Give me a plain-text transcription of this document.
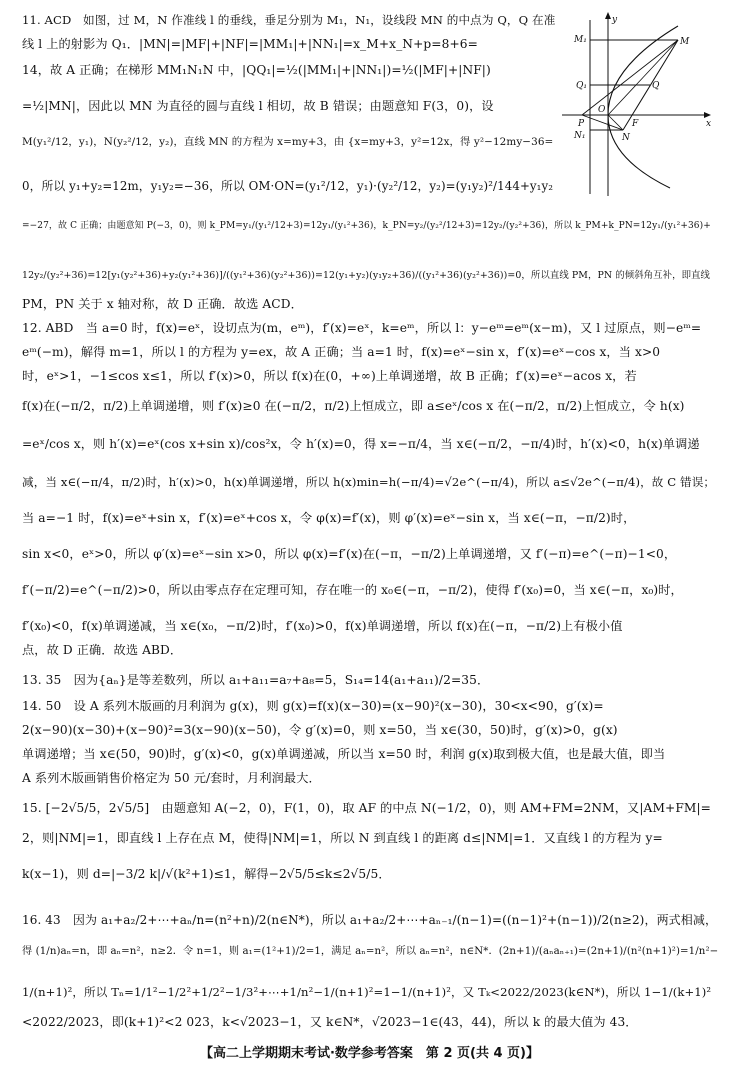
11. ACD　如图，过 M，N 作准线 l 的垂线，垂足分别为 M₁，N₁，设线段 MN 的中点为 Q，Q 在准
线 l 上的射影为 Q₁．|MN|=|MF|+|NF|=|MM₁|+|NN₁|=x_M+x_N+p=8+6=
14，故 A 正确；在梯形 MM₁N₁N 中，|QQ₁|=½(|MM₁|+|NN₁|)=½(|MF|+|NF|)
=½|MN|，因此以 MN 为直径的圆与直线 l 相切，故 B 错误；由题意知 F(3，0)，设
M(y₁²/12，y₁)，N(y₂²/12，y₂)，直线 MN 的方程为 x=my+3，由 {x=my+3，y²=12x，得 y²−12my−36=
0，所以 y₁+y₂=12m，y₁y₂=−36，所以 OM·ON=(y₁²/12，y₁)·(y₂²/12，y₂)=(y₁y₂)²/144+y₁y₂
=−27，故 C 正确；由题意知 P(−3，0)，则 k_PM=y₁/(y₁²/12+3)=12y₁/(y₁²+36)，k_PN=y₂/(y₂²/12+3)=12y₂/(y₂²+36)，所以 k_PM+k_PN=12y₁/(y₁²+36)+
12y₂/(y₂²+36)=12[y₁(y₂²+36)+y₂(y₁²+36)]/((y₁²+36)(y₂²+36))=12(y₁+y₂)(y₁y₂+36)/((y₁²+36)(y₂²+36))=0，所以直线 PM，PN 的倾斜角互补，即直线
PM，PN 关于 x 轴对称，故 D 正确．故选 ACD．
12. ABD　当 a=0 时，f(x)=eˣ，设切点为(m，eᵐ)，f′(x)=eˣ，k=eᵐ，所以 l：y−eᵐ=eᵐ(x−m)，又 l 过原点，则−eᵐ=
eᵐ(−m)，解得 m=1，所以 l 的方程为 y=ex，故 A 正确；当 a=1 时，f(x)=eˣ−sin x，f′(x)=eˣ−cos x，当 x>0
时，eˣ>1，−1≤cos x≤1，所以 f′(x)>0，所以 f(x)在(0，+∞)上单调递增，故 B 正确；f′(x)=eˣ−acos x，若
f(x)在(−π/2，π/2)上单调递增，则 f′(x)≥0 在(−π/2，π/2)上恒成立，即 a≤eˣ/cos x 在(−π/2，π/2)上恒成立，令 h(x)
=eˣ/cos x，则 h′(x)=eˣ(cos x+sin x)/cos²x，令 h′(x)=0，得 x=−π/4，当 x∈(−π/2，−π/4)时，h′(x)<0，h(x)单调递
减，当 x∈(−π/4，π/2)时，h′(x)>0，h(x)单调递增，所以 h(x)min=h(−π/4)=√2e^(−π/4)，所以 a≤√2e^(−π/4)，故 C 错误；
当 a=−1 时，f(x)=eˣ+sin x，f′(x)=eˣ+cos x，令 φ(x)=f′(x)，则 φ′(x)=eˣ−sin x，当 x∈(−π，−π/2)时，
sin x<0，eˣ>0，所以 φ′(x)=eˣ−sin x>0，所以 φ(x)=f′(x)在(−π，−π/2)上单调递增，又 f′(−π)=e^(−π)−1<0，
f′(−π/2)=e^(−π/2)>0，所以由零点存在定理可知，存在唯一的 x₀∈(−π，−π/2)，使得 f′(x₀)=0，当 x∈(−π，x₀)时，
f′(x₀)<0，f(x)单调递减，当 x∈(x₀，−π/2)时，f′(x₀)>0，f(x)单调递增，所以 f(x)在(−π，−π/2)上有极小值
点，故 D 正确．故选 ABD．
13. 35　因为{aₙ}是等差数列，所以 a₁+a₁₁=a₇+a₈=5，S₁₄=14(a₁+a₁₁)/2=35．
14. 50　设 A 系列木版画的月利润为 g(x)，则 g(x)=f(x)(x−30)=(x−90)²(x−30)，30<x<90，g′(x)=
2(x−90)(x−30)+(x−90)²=3(x−90)(x−50)，令 g′(x)=0，则 x=50，当 x∈(30，50)时，g′(x)>0，g(x)
单调递增；当 x∈(50，90)时，g′(x)<0，g(x)单调递减，所以当 x=50 时，利润 g(x)取到极大值，也是最大值，即当
A 系列木版画销售价格定为 50 元/套时，月利润最大．
15. [−2√5/5，2√5/5]　由题意知 A(−2，0)，F(1，0)，取 AF 的中点 N(−1/2，0)，则 AM+FM=2NM，又|AM+FM|=
2，则|NM|=1，即直线 l 上存在点 M，使得|NM|=1，所以 N 到直线 l 的距离 d≤|NM|=1．又直线 l 的方程为 y=
k(x−1)，则 d=|−3/2 k|/√(k²+1)≤1，解得−2√5/5≤k≤2√5/5．
16. 43　因为 a₁+a₂/2+⋯+aₙ/n=(n²+n)/2(n∈N*)，所以 a₁+a₂/2+⋯+aₙ₋₁/(n−1)=((n−1)²+(n−1))/2(n≥2)，两式相减，
得 (1/n)aₙ=n，即 aₙ=n²，n≥2．令 n=1，则 a₁=(1²+1)/2=1，满足 aₙ=n²，所以 aₙ=n²，n∈N*．(2n+1)/(aₙaₙ₊₁)=(2n+1)/(n²(n+1)²)=1/n²−
1/(n+1)²，所以 Tₙ=1/1²−1/2²+1/2²−1/3²+⋯+1/n²−1/(n+1)²=1−1/(n+1)²，又 Tₖ<2022/2023(k∈N*)，所以 1−1/(k+1)²
<2022/2023，即(k+1)²<2 023，k<√2023−1，又 k∈N*，√2023−1∈(43，44)，所以 k 的最大值为 43．
y
x
M₁	M
Q₁	Q
P
O
F
N₁	N
【高二上学期期末考试·数学参考答案　第 2 页(共 4 页)】
